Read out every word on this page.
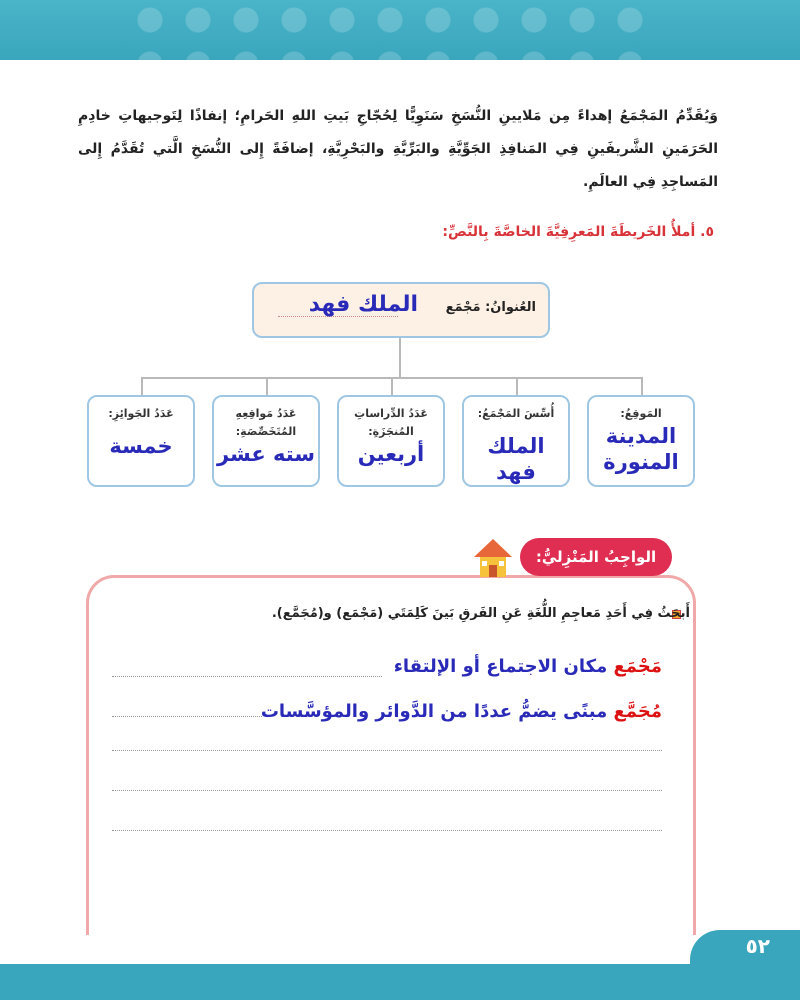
وَيُقَدِّمُ المَجْمَعُ إهداءً مِن مَلايينِ النُّسَخِ سَنَوِيًّا لِحُجّاجِ بَيتِ اللهِ الحَرامِ؛ إنفاذًا لِتَوجيهاتِ خادِمِ الحَرَمَينِ الشَّريفَينِ فِي المَنافِذِ الجَوِّيَّةِ والبَرِّيَّةِ والبَحْرِيَّةِ، إضافَةً إِلى النُّسَخِ الَّتي تُقَدَّمُ إِلى المَساجِدِ فِي العالَمِ.
٥. أملأُ الخَريطَةَ المَعرِفِيَّةَ الخاصَّةَ بِالنَّصِّ:
العُنوانُ: مَجْمَع
الملك فهد
المَوقِعُ:
المدينة المنورة
أُسِّسَ المَجْمَعُ:
الملك فهد
عَدَدُ الدِّراساتِ المُنجَزَةِ:
أربعين
عَدَدُ مَواقِعِهِ المُتَخَصِّصَةِ:
سته عشر
عَدَدُ الجَوائِزِ:
خمسة
الواجِبُ المَنْزِليُّ:
أَبحَثُ فِي أَحَدِ مَعاجِمِ اللُّغَةِ عَنِ الفَرقِ بَينَ كَلِمَتَي (مَجْمَع) و(مُجَمَّع).
مَجْمَع مكان الاجتماع أو الإلتقاء
مُجَمَّع مبنًى يضمُّ عددًا من الدَّوائر والمؤسَّسات
٥٢
